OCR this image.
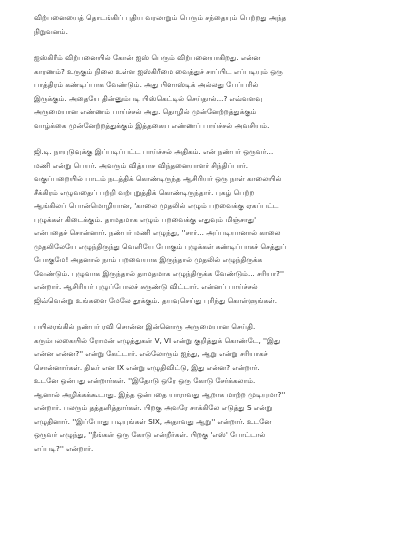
விற்பனையைத் தொடங்கிப் புதிய வரலாறும் பெரும் சந்தையும் பெற்றது அந்த
நிறுவனம்.

ஐஸ்கிரீம் விற்பனையில் கோன் ஐஸ் பெரும் விற்பனையாகிறது. என்ன
காரணம்? உருகும் நிலை உள்ள ஐஸ்கிரீமை வைத்துச் சாப்பிட எப்படியும் ஒரு
பாத்திரம் கண்டிப்பாக வேண்டும். அது பிளாஸ்டிக் அல்லது பேப்பரில்
இருக்கும். அதையே தின்னும்படி பிஸ்கெட்டில் செய்தால்...? எவ்வளவு
அருமையான எண்ணம் பாய்ச்சல் அது. தொழில் முன்னேற்றத்துக்கும்
வாழ்க்கை முன்னேற்றத்துக்கும் இத்தகைய எண்ணப் பாய்ச்சல் அவசியம்.

ஜி.டி. நாயுடுவுக்கு இப்படிப்பட்ட பாய்ச்சல் அதிகம். என் நண்பர் ஒருவர்...
மணி என்று பெயர். அவரும் வித்யாச விந்தனையாளர் சிந்திப்பார்.
வகுப்பறையில் பாடம் நடத்திக் கொண்டிருந்த ஆசிரியர் ஒரு நாள் காலையில்
சீக்கிரம் எழுவதைப் பற்றி வற்புறுத்திக் கொண்டிருந்தார். புகழ் பெற்ற
ஆங்கிலப் பொன்மொழியான, 'காலை முதலில் எழும் பறவைக்கு ஏகப்பட்ட
புழுக்கள் கிடைக்கும். தாமதமாக எழும் பறவைக்கு எதுவும் மிஞ்சாது'
என்பதைச் சொன்னார். நண்பர் மணி எழுந்து, ''சார்... அப்படியானால் காலை
முதலிலேயே எழுந்திருந்து வெளியே போகும் புழுக்கள் கண்டிப்பாகச் செத்துப்
போகுமே! அதனால் நாம் பறவையாக இருந்தால் முதலில் எழுந்திருக்க
வேண்டும். புழுவாக இருந்தால் தாமதமாக எழுந்திருக்க வேண்டும்... சரியா?''
என்றார். ஆசிரியர் புழுப்போலச் சுருண்டு விட்டார். என்னப் பாய்ச்சல்
ஜிவ்வென்று உங்களை மேலே தூக்கும். தயவுசெய்து புரிந்து கொள்ளுங்கள்.

பயிலரங்கில் நண்பர் ரவி சொன்ன இன்னொரு அருமையான செய்தி.
கரும்பலகையில் ரோமன் எழுத்துகள் V, VI என்று குறித்துக் கொண்டே, ''இது
என்ன என்ன?'' என்று கேட்டார். எல்லோரும் ஐந்து, ஆறு என்று சரியாகச்
சொன்னார்கள். திடீர் என IX என்று எழுதிவிட்டு, இது என்ன? என்றார்.
உடனே ஒன்பது என்றார்கள். ''இதோடு ஒரே ஒரு கோடு சேர்க்கலாம்.
ஆனால் அழிக்கக்கூடாது. இந்த ஒன்பதை யாராவது ஆறாக மாற்ற முடியுமா?''
என்றார். பலரும் தத்தளித்தார்கள். பிறகு அவரே சாக்கிலே எடுத்து S என்று
எழுதினார். ''இப்போது படியுங்கள் SIX, அதாவது ஆறு'' என்றார். உடனே
ஒருவர் எழுந்து, ''நீங்கள் ஒரு கோடு என்றீர்கள். பிறகு 'எஸ்' போட்டால்
எப்படி?'' என்றார்.
